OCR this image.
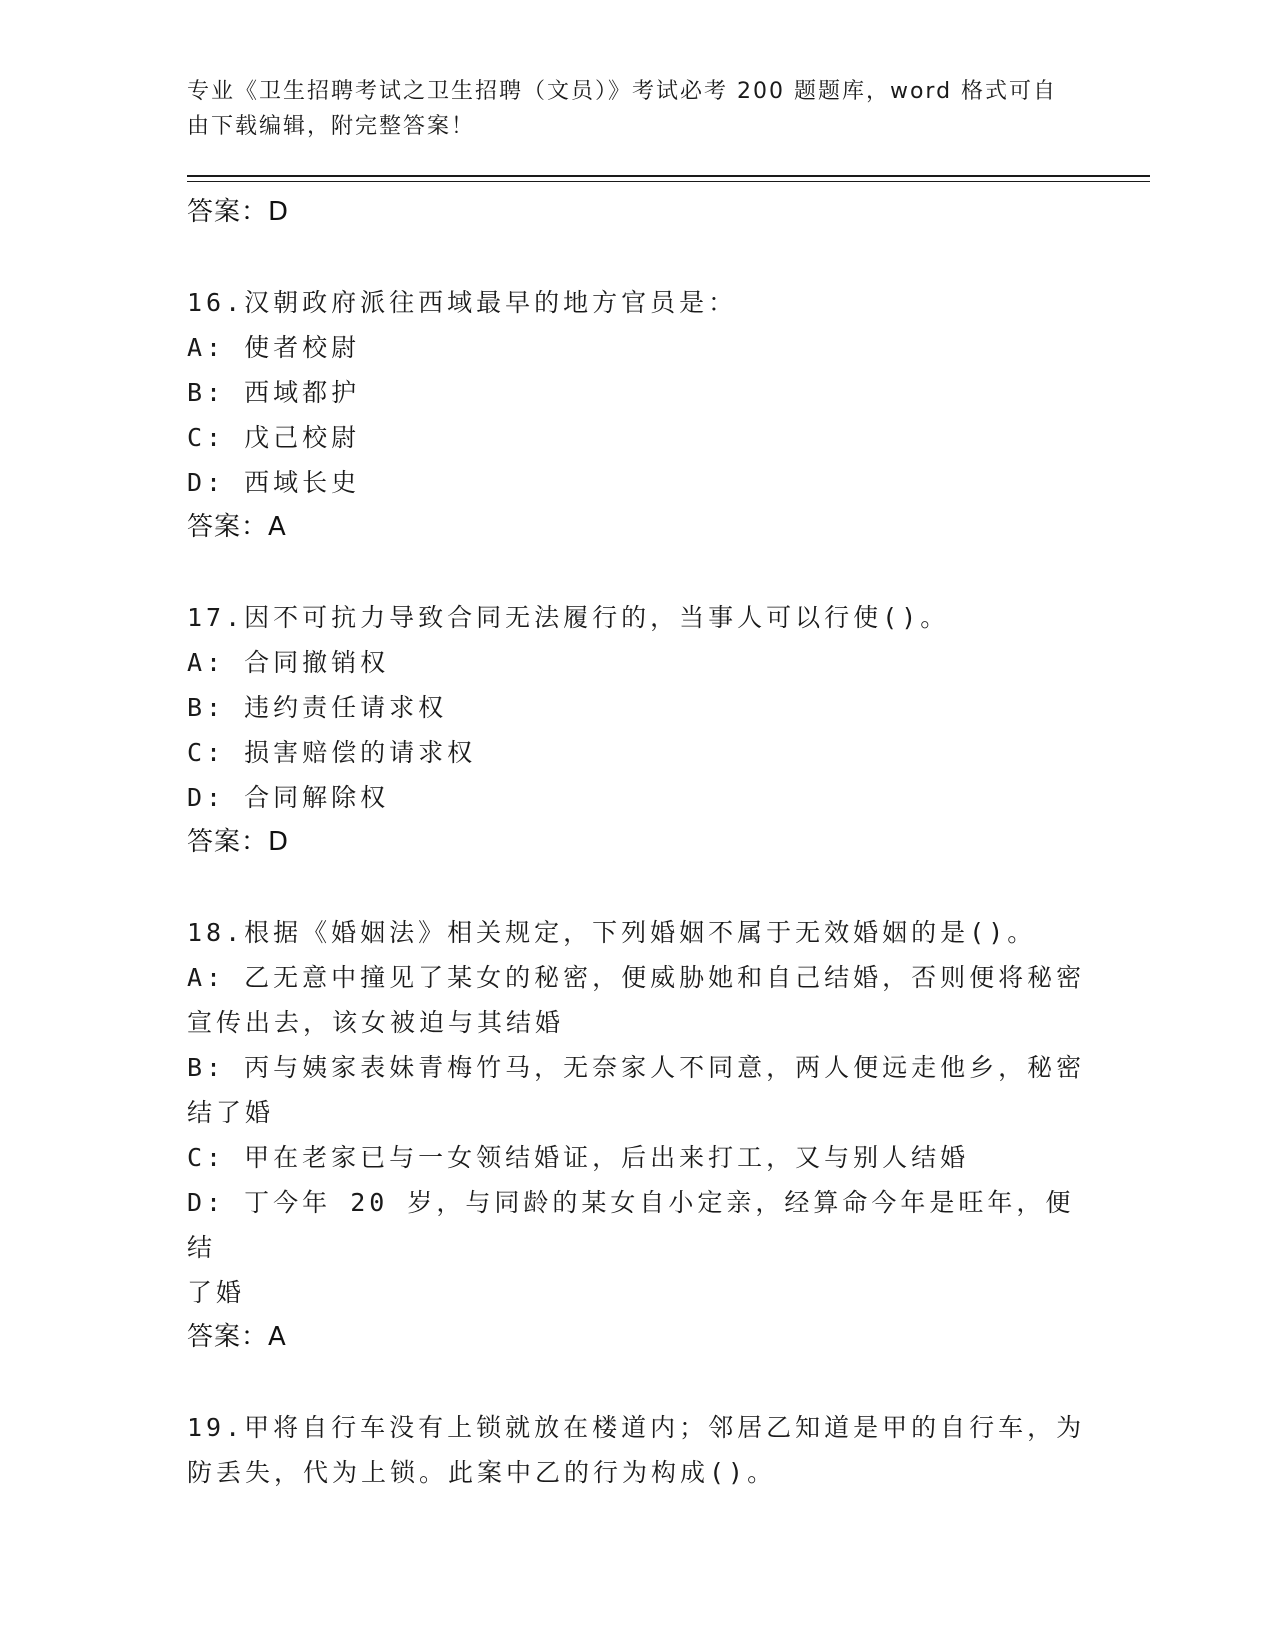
专业《卫生招聘考试之卫生招聘（文员）》考试必考 200 题题库，word 格式可自
由下载编辑，附完整答案！
答案：D
16.汉朝政府派往西域最早的地方官员是：
A: 使者校尉
B: 西域都护
C: 戊己校尉
D: 西域长史
答案：A
17.因不可抗力导致合同无法履行的，当事人可以行使()。
A: 合同撤销权
B: 违约责任请求权
C: 损害赔偿的请求权
D: 合同解除权
答案：D
18.根据《婚姻法》相关规定，下列婚姻不属于无效婚姻的是()。
A: 乙无意中撞见了某女的秘密，便威胁她和自己结婚，否则便将秘密
宣传出去，该女被迫与其结婚
B: 丙与姨家表妹青梅竹马，无奈家人不同意，两人便远走他乡，秘密
结了婚
C: 甲在老家已与一女领结婚证，后出来打工，又与别人结婚
D: 丁今年 20 岁，与同龄的某女自小定亲，经算命今年是旺年，便结
了婚
答案：A
19.甲将自行车没有上锁就放在楼道内；邻居乙知道是甲的自行车，为
防丢失，代为上锁。此案中乙的行为构成()。
